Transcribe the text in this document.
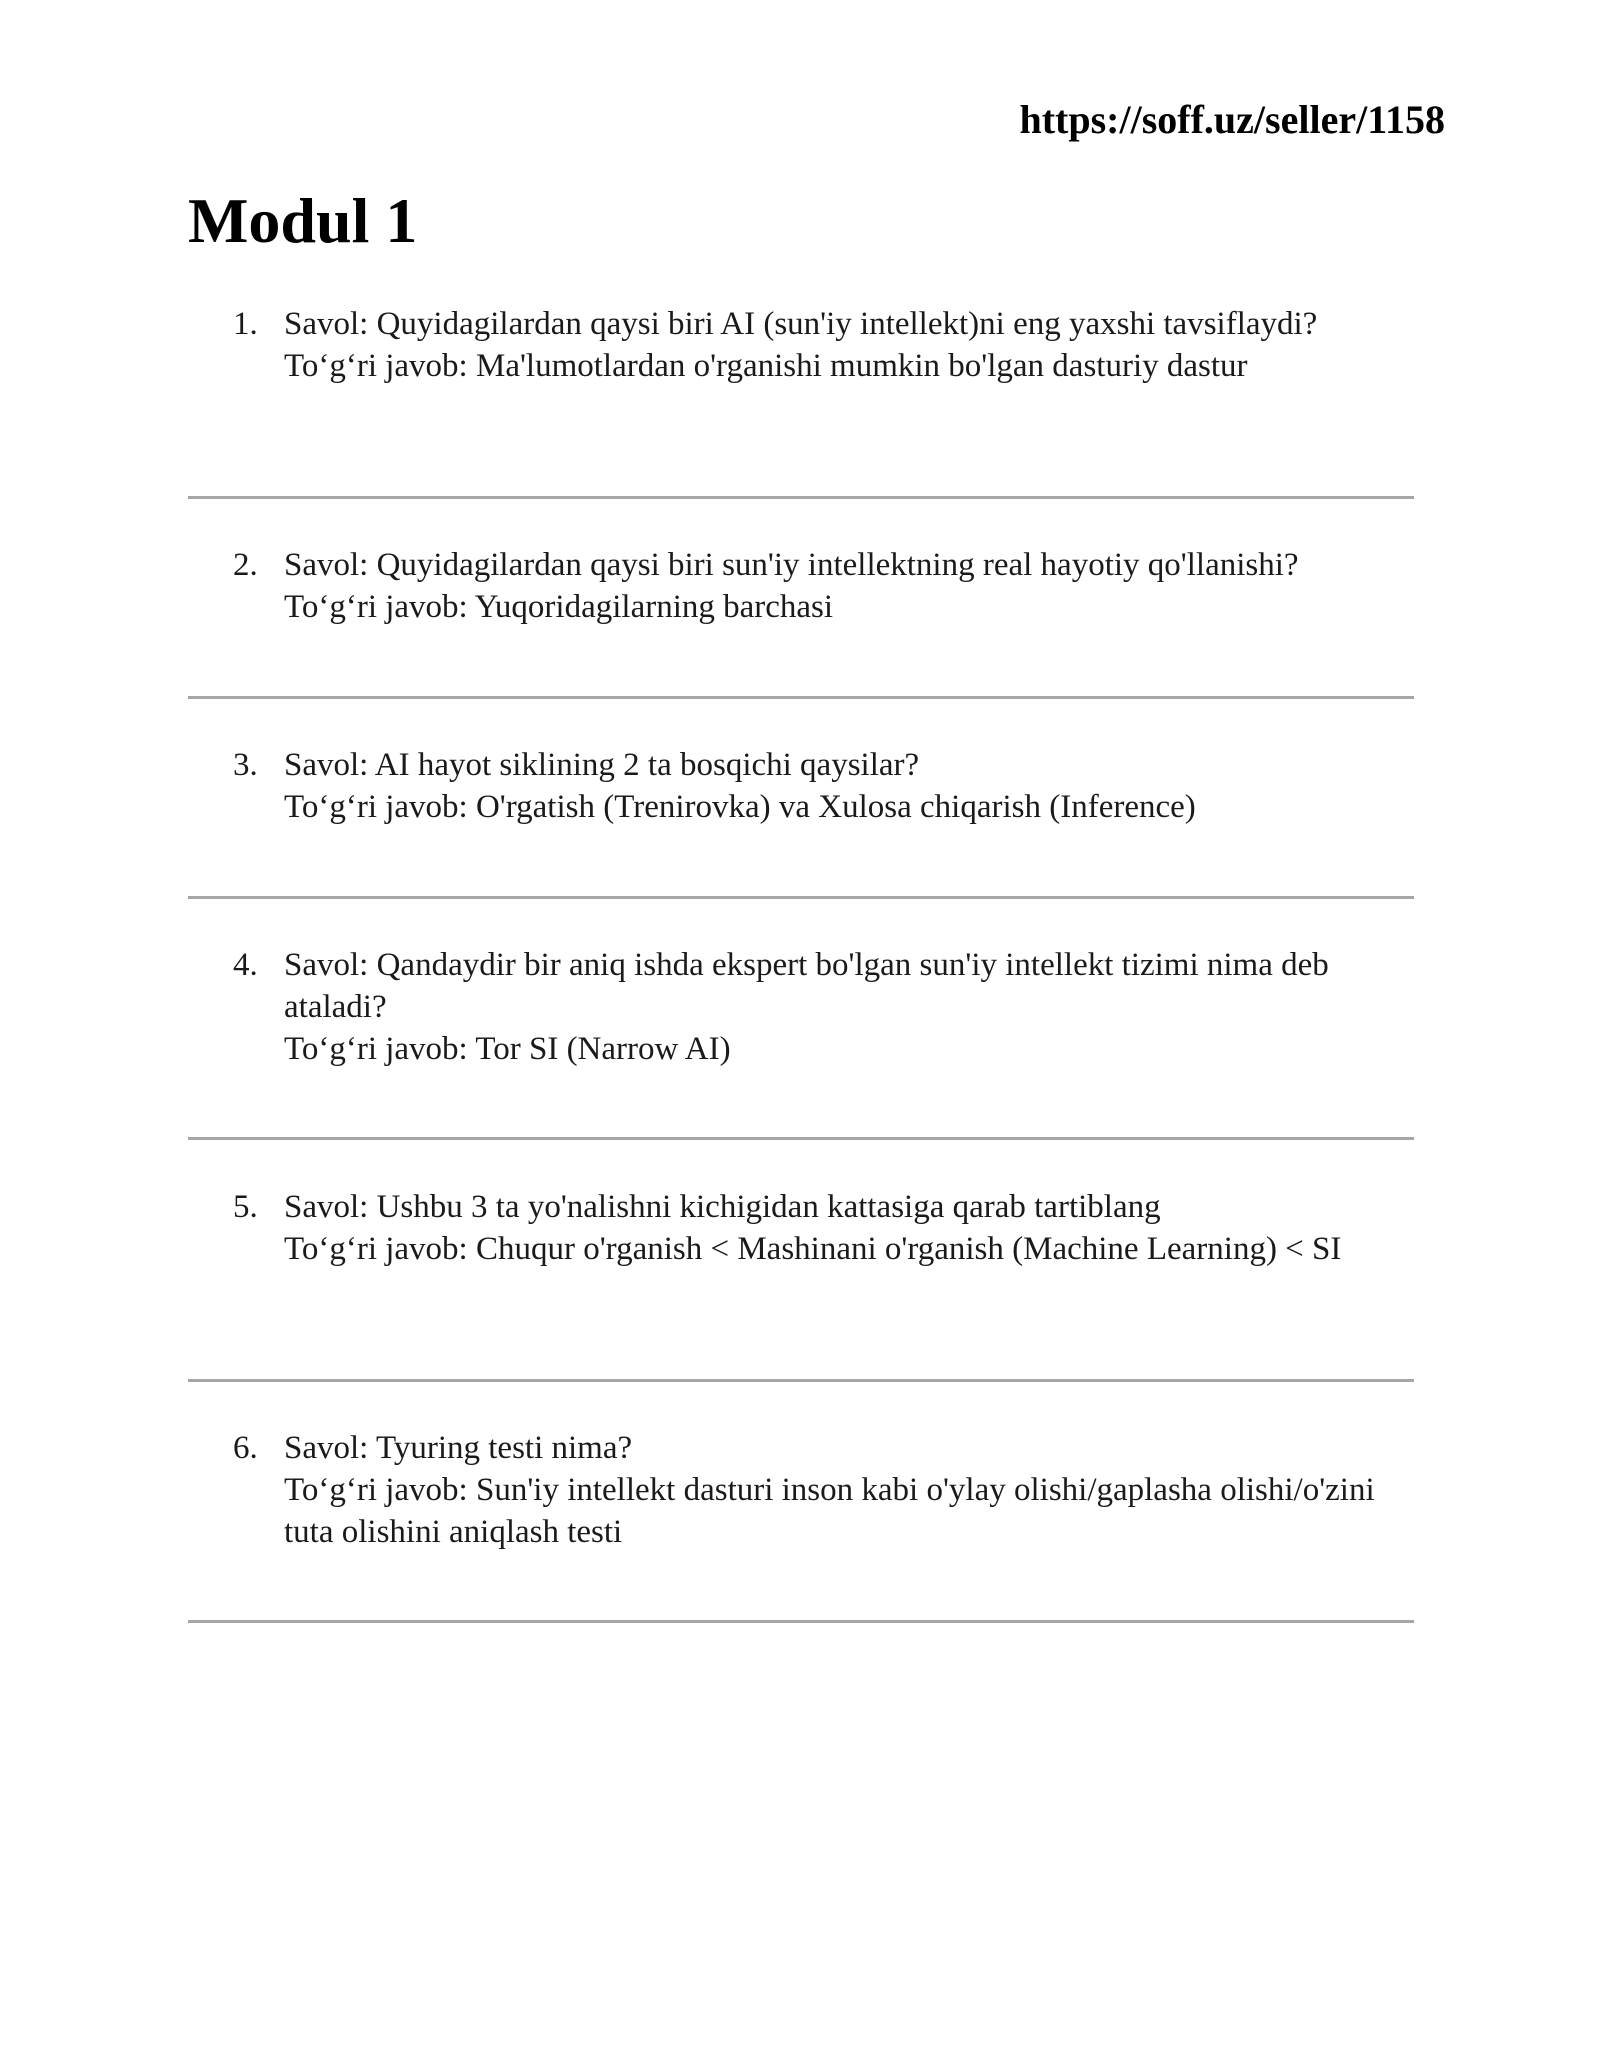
https://soff.uz/seller/1158
Modul 1
1. Savol: Quyidagilardan qaysi biri AI (sun'iy intellekt)ni eng yaxshi tavsiflaydi?
To‘g‘ri javob: Ma'lumotlardan o'rganishi mumkin bo'lgan dasturiy dastur
2. Savol: Quyidagilardan qaysi biri sun'iy intellektning real hayotiy qo'llanishi?
To‘g‘ri javob: Yuqoridagilarning barchasi
3. Savol: AI hayot siklining 2 ta bosqichi qaysilar?
To‘g‘ri javob: O'rgatish (Trenirovka) va Xulosa chiqarish (Inference)
4. Savol: Qandaydir bir aniq ishda ekspert bo'lgan sun'iy intellekt tizimi nima deb ataladi?
To‘g‘ri javob: Tor SI (Narrow AI)
5. Savol: Ushbu 3 ta yo'nalishni kichigidan kattasiga qarab tartiblang
To‘g‘ri javob: Chuqur o'rganish < Mashinani o'rganish (Machine Learning) < SI
6. Savol: Tyuring testi nima?
To‘g‘ri javob: Sun'iy intellekt dasturi inson kabi o'ylay olishi/gaplasha olishi/o'zini tuta olishini aniqlash testi
